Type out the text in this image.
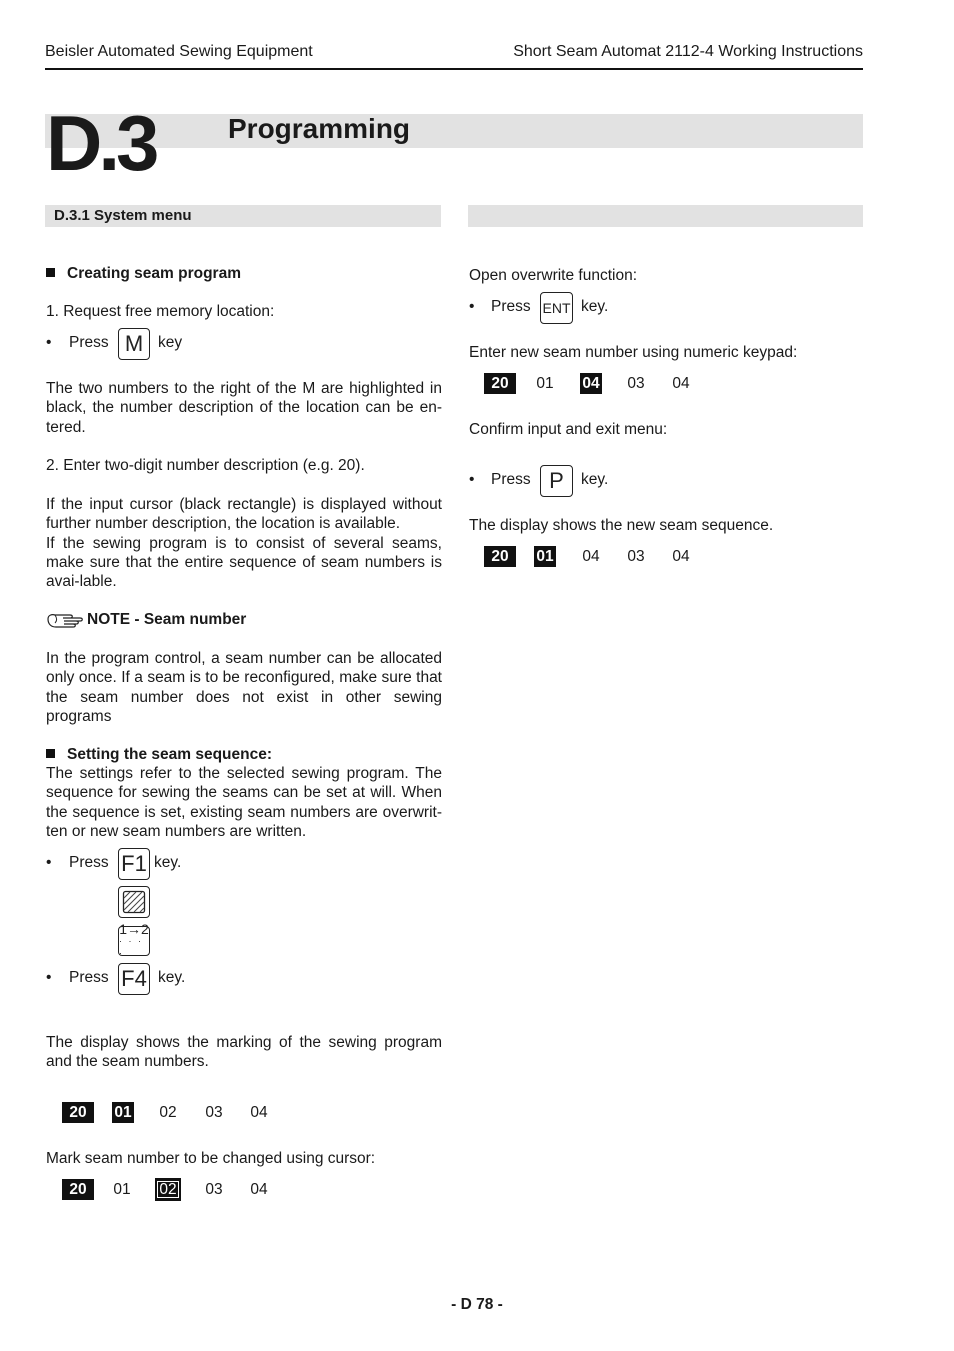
Beisler Automated Sewing Equipment	Short Seam Automat 2112-4 Working Instructions
D.3	Programming
D.3.1 System menu
Creating seam program
1. Request free memory location:
• Press M key
The two numbers to the right of the M are highlighted in black, the number description of the location can be en-tered.
2. Enter two-digit number description (e.g. 20).
If the input cursor (black rectangle) is displayed without further number description, the location is available.
If the sewing program is to consist of several seams, make sure that the entire sequence of seam numbers is avai-lable.
NOTE - Seam number
In the program control, a seam number can be allocated only once. If a seam is to be reconfigured, make sure that the seam number does not exist in other sewing programs
Setting the seam sequence:
The settings refer to the selected sewing program. The sequence for sewing the seams can be set at will. When the sequence is set, existing seam numbers are overwrit-ten or new seam numbers are written.
• Press F1 key.
1→2
· · · ·
• Press F4 key.
The display shows the marking of the sewing program and the seam numbers.
20	01	02	03	04
Mark seam number to be changed using cursor:
20	01	02	03	04
Open overwrite function:
• Press ENT key.
Enter new seam number using numeric keypad:
20	01	04	03	04
Confirm input and exit menu:
• Press P	key.
The display shows the new seam sequence.
20	01	04	03	04
- D 78 -
